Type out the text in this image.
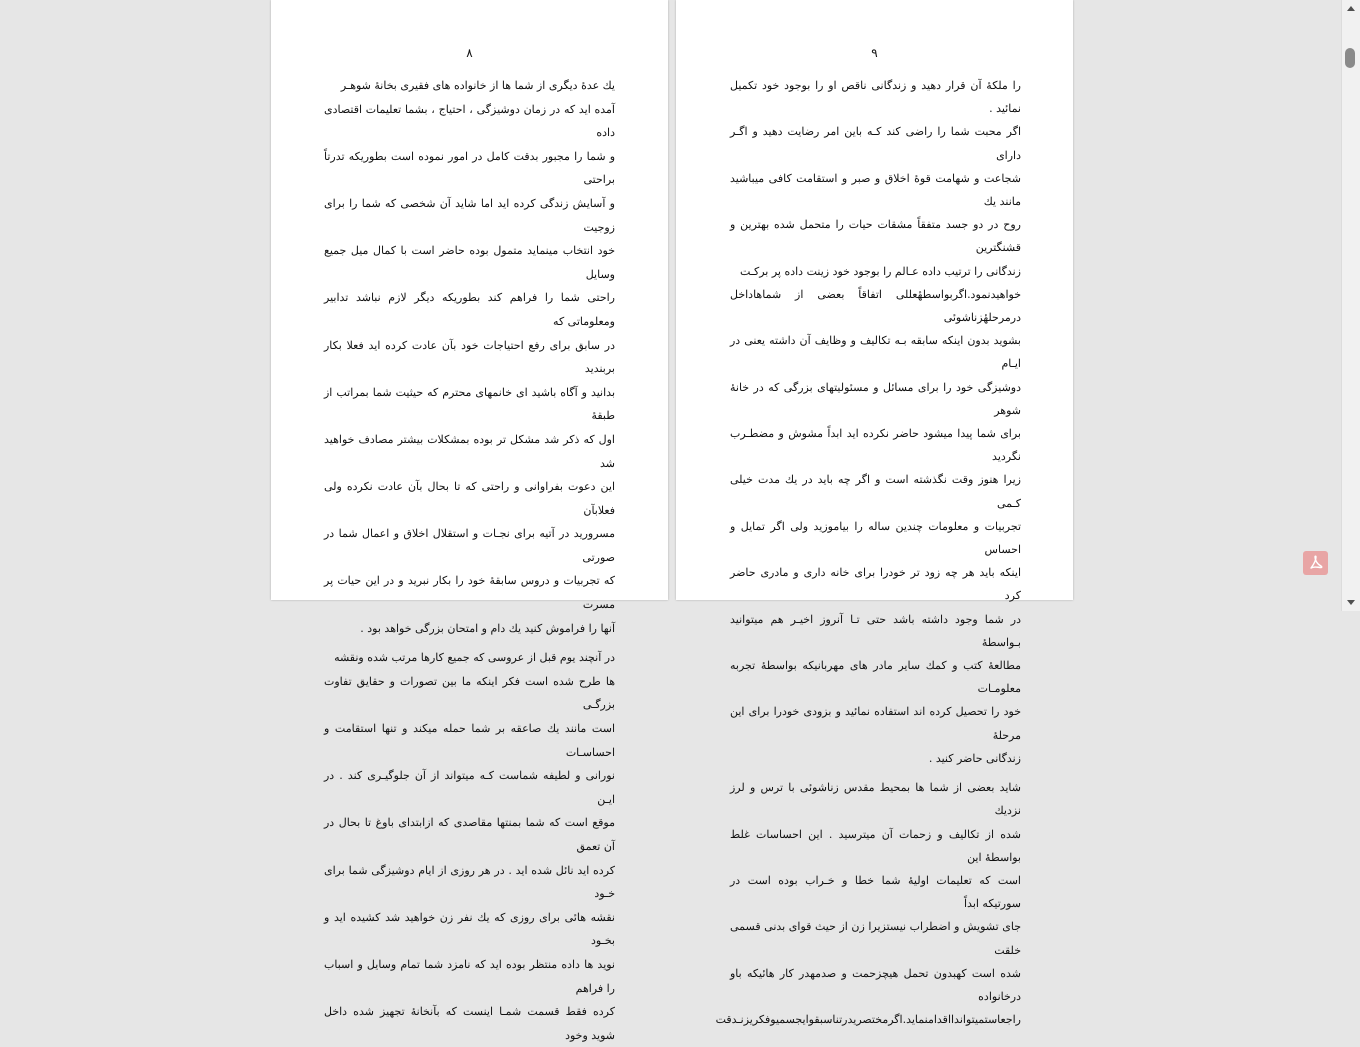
۸

یك عدهٔ دیگری از شما ها از خانواده های فقیری بخانهٔ شوهـر

آمده اید که در زمان دوشیزگی ، احتیاج ، بشما تعلیمات اقتصادی داده

و شما را مجبور بدقت کامل در امور نموده است بطوریکه تدرتاً براحتی

و آسایش زندگی کرده اید اما شاید آن شخصی که شما را برای زوجیت

خود انتخاب مینماید متمول بوده حاضر است با کمال میل جمیع وسایل

راحتی شما را فراهم کند بطوریکه دیگر لازم نباشد تدابیر ومعلوماتی که

در سابق برای رفع احتیاجات خود بآن عادت کرده اید فعلا بکار بربندید

بدانید و آگاه باشید ای خانمهای محترم که حیثیت شما بمراتب از طبقهٔ

اول که ذکر شد مشکل تر بوده بمشکلات بیشتر مصادف خواهید شد

این دعوت بفراوانی و راحتی که تا بحال بآن عادت نکرده ولی فعلابآن

مسرورید در آتیه برای نجـات و استقلال اخلاق و اعمال شما در صورتی

که تجربیات و دروس سابقهٔ خود را بکار نبرید و در این حیات پر مسرت

آنها را فراموش کنید یك دام و امتحان بزرگی خواهد بود .

در آنچند یوم قبل از عروسی که جمیع کارها مرتب شده ونقشه

ها طرح شده است فکر اینکه ما بین تصورات و حقایق تفاوت بزرگـی

است مانند یك صاعقه بر شما حمله میکند و تنها استقامت و احساسـات

نورانی و لطیفه شماست کـه میتواند از آن جلوگیـری کند . در ایـن

موقع است که شما بمنتها مقاصدی که ازابتدای باوغ تا بحال در آن تعمق

کرده اید نائل شده اید . در هر روزی از ایام دوشیزگی شما برای خـود

نقشه هائی برای روزی که یك نفر زن خواهید شد کشیده اید و بخـود

نوید ها داده منتظر بوده اید که نامزد شما تمام وسایل و اسباب را فراهم

کرده فقط قسمت شمـا اینست که بآنخانهٔ تجهیز شده داخل شوید وخود

۹

را ملکهٔ آن قرار دهید و زندگانی ناقص او را بوجود خود تکمیل نمائید .

اگر محبت شما را راضی کند کـه باین امر رضایت دهید و اگـر دارای

شجاعت و شهامت قوهٔ اخلاق و صبر و استقامت کافی میباشید مانند یك

روح در دو جسد متفقاً مشقات حیات را متحمل شده بهترین و قشنگترین

زندگانی را ترتیب داده عـالم را بوجود خود زینت داده پر برکـت

خواهیدنمود.اگربواسطهٔعللی اتفاقاً بعضی از شماهاداخل درمرحلهٔزناشوئی

بشوید بدون اینکه سابقه بـه تکالیف و وظایف آن داشته یعنی در ایـام

دوشیزگی خود را برای مسائل و مسئولیتهای بزرگی که در خانهٔ شوهر

برای شما پیدا میشود حاضر نکرده اید ابداً مشوش و مضطـرب نگردید

زیرا هنوز وقت نگذشته است و اگر چه باید در یك مدت خیلی کـمی

تجربیات و معلومات چندین ساله را بیاموزید ولی اگر تمایل و احساس

اینکه باید هر چه زود تر خودرا برای خانه داری و مادری حاضر کرد

در شما وجود داشته باشد حتی تـا آنروز اخیـر هم میتوانید بـواسطهٔ

مطالعهٔ کتب و کمك سایر مادر های مهربانیکه بواسطهٔ تجربه معلومـات

خود را تحصیل کرده اند استفاده نمائید و بزودی خودرا برای این مرحلهٔ

زندگانی حاضر کنید .

شاید بعضی از شما ها بمحیط مقدس زناشوئی با ترس و لرز نزدیك

شده از تکالیف و زحمات آن میترسید . این احساسات غلط بواسطهٔ این

است که تعلیمات اولیهٔ شما خطا و خـراب بوده است در سورتیکه ابداً

جای تشویش و اضطراب نیستزیرا زن از حیث قوای بدنی قسمی خلقت

شده است کهبدون تحمل هیچزحمت و صدمهدر کار هائیکه باو درخانواده

راجعاستمیتواندااقدامنماید.اگرمختصریدرتناسبقوایجسمیوفکریزنـدقت
